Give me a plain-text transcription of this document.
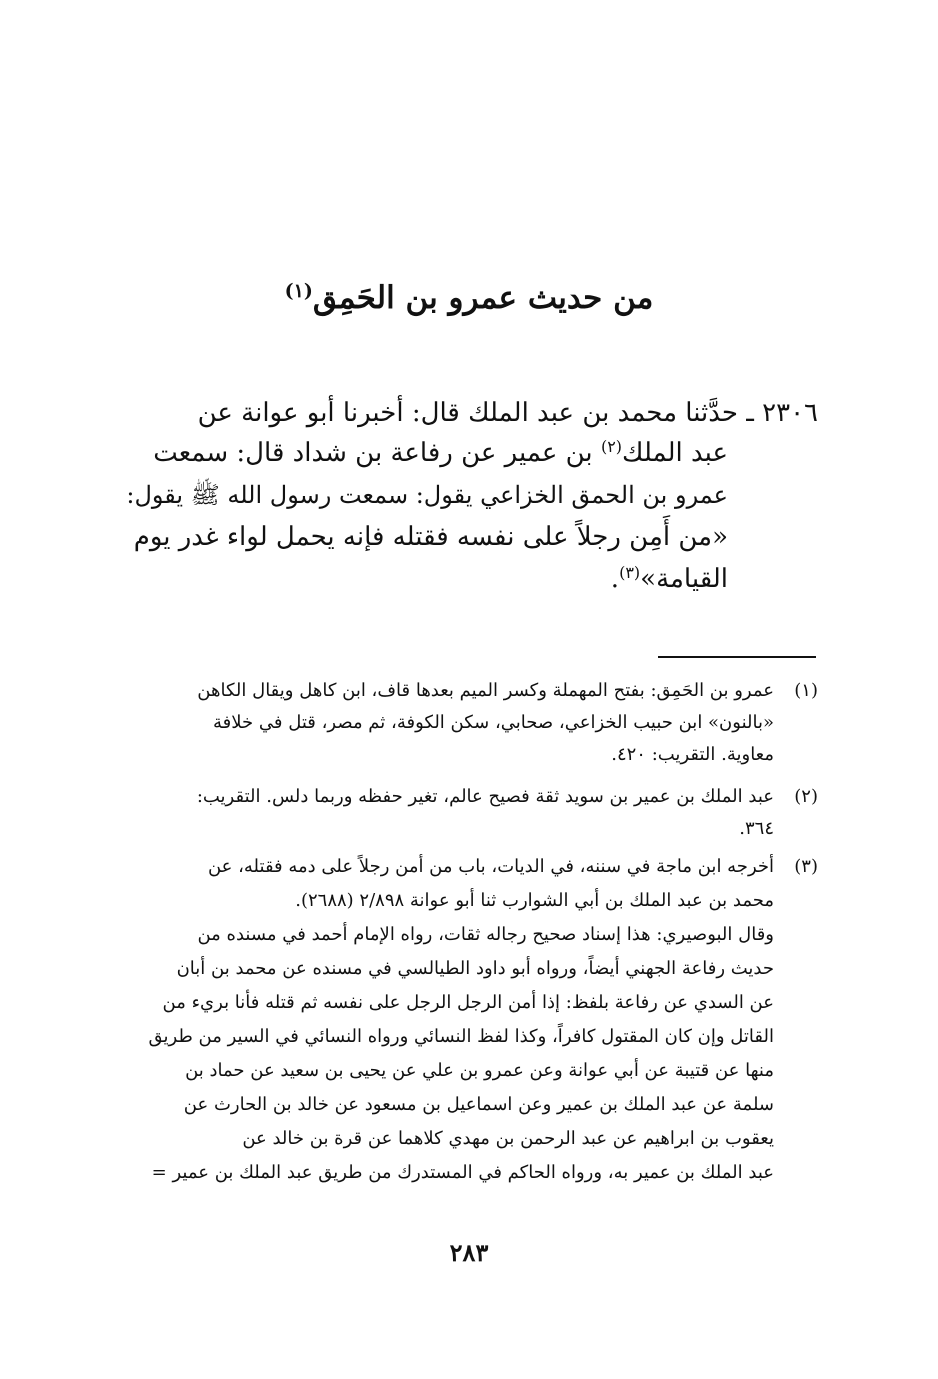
من حديث عمرو بن الحَمِق$^{(١)}$
٢٣٠٦ ـ حدَّثنا محمد بن عبد الملك قال: أخبرنا أبو عوانة عن
عبد الملك$^{(٢)}$ بن عمير عن رفاعة بن شداد قال: سمعت
عمرو بن الحمق الخزاعي يقول: سمعت رسول الله ﷺ يقول:
«من أَمِن رجلاً على نفسه فقتله فإنه يحمل لواء غدر يوم
القيامة»$^{(٣)}$.
(١)
عمرو بن الحَمِق: بفتح المهملة وكسر الميم بعدها قاف، ابن كاهل ويقال الكاهن
«بالنون» ابن حبيب الخزاعي، صحابي، سكن الكوفة، ثم مصر، قتل في خلافة
معاوية. التقريب: ٤٢٠.
(٢)
عبد الملك بن عمير بن سويد ثقة فصيح عالم، تغير حفظه وربما دلس. التقريب:
٣٦٤.
(٣)
أخرجه ابن ماجة في سننه، في الديات، باب من أمن رجلاً على دمه فقتله، عن
محمد بن عبد الملك بن أبي الشوارب ثنا أبو عوانة ٢/٨٩٨ (٢٦٨٨).
وقال البوصيري: هذا إسناد صحيح رجاله ثقات، رواه الإمام أحمد في مسنده من
حديث رفاعة الجهني أيضاً، ورواه أبو داود الطيالسي في مسنده عن محمد بن أبان
عن السدي عن رفاعة بلفظ: إذا أمن الرجل الرجل على نفسه ثم قتله فأنا بريء من
القاتل وإن كان المقتول كافراً، وكذا لفظ النسائي ورواه النسائي في السير من طريق
منها عن قتيبة عن أبي عوانة وعن عمرو بن علي عن يحيى بن سعيد عن حماد بن
سلمة عن عبد الملك بن عمير وعن اسماعيل بن مسعود عن خالد بن الحارث عن
يعقوب بن ابراهيم عن عبد الرحمن بن مهدي كلاهما عن قرة بن خالد عن
عبد الملك بن عمير به، ورواه الحاكم في المستدرك من طريق عبد الملك بن عمير =
٢٨٣
